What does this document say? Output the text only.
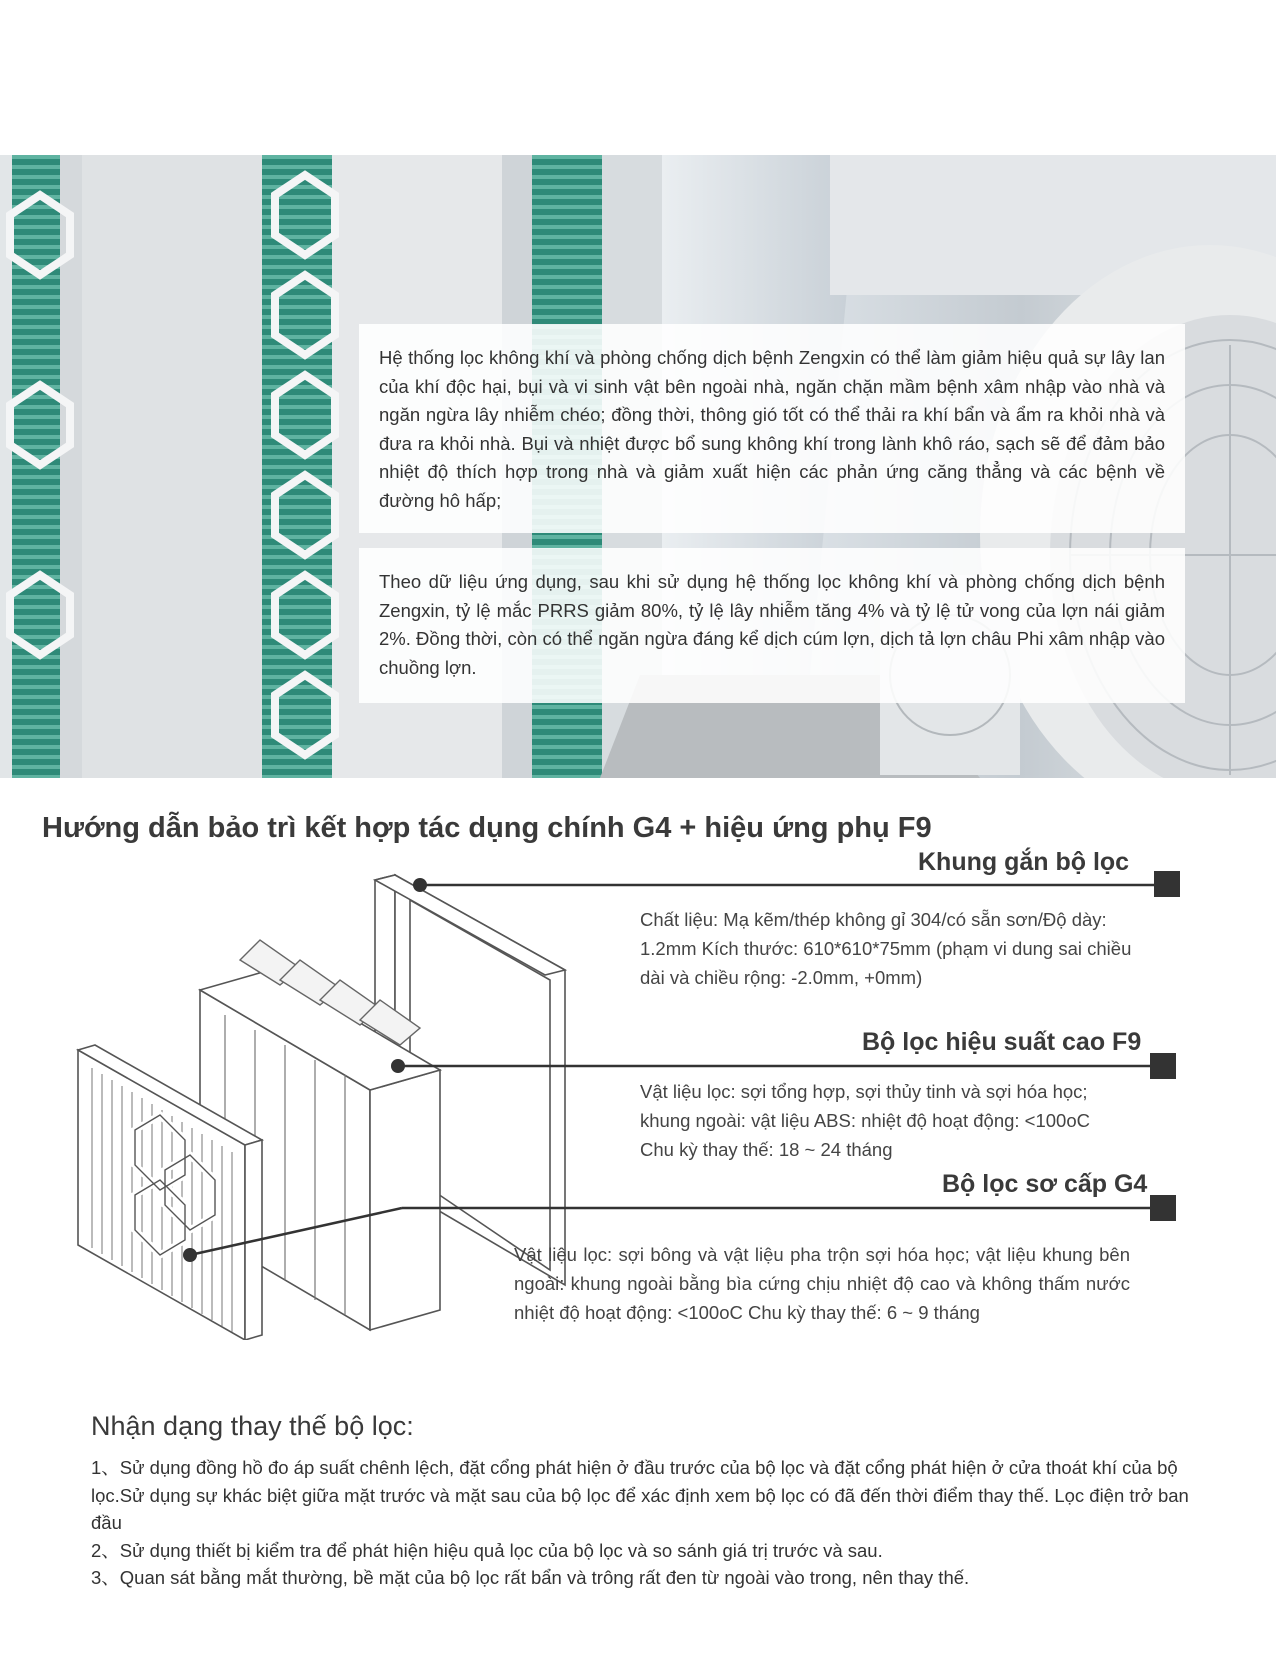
Hệ thống lọc không khí và phòng chống dịch bệnh Zengxin có thể làm giảm hiệu quả sự lây lan của khí độc hại, bụi và vi sinh vật bên ngoài nhà, ngăn chặn mầm bệnh xâm nhập vào nhà và ngăn ngừa lây nhiễm chéo; đồng thời, thông gió tốt có thể thải ra khí bẩn và ẩm ra khỏi nhà và đưa ra khỏi nhà. Bụi và nhiệt được bổ sung không khí trong lành khô ráo, sạch sẽ để đảm bảo nhiệt độ thích hợp trong nhà và giảm xuất hiện các phản ứng căng thẳng và các bệnh về đường hô hấp;
Theo dữ liệu ứng dụng, sau khi sử dụng hệ thống lọc không khí và phòng chống dịch bệnh Zengxin, tỷ lệ mắc PRRS giảm 80%, tỷ lệ lây nhiễm tăng 4% và tỷ lệ tử vong của lợn nái giảm 2%. Đồng thời, còn có thể ngăn ngừa đáng kể dịch cúm lợn, dịch tả lợn châu Phi xâm nhập vào chuồng lợn.
Hướng dẫn bảo trì kết hợp tác dụng chính G4 + hiệu ứng phụ F9
Khung gắn bộ lọc
Chất liệu: Mạ kẽm/thép không gỉ 304/có sẵn sơn/Độ dày: 1.2mm Kích thước: 610*610*75mm (phạm vi dung sai chiều dài và chiều rộng: -2.0mm, +0mm)
Bộ lọc hiệu suất cao F9
Vật liệu lọc: sợi tổng hợp, sợi thủy tinh và sợi hóa học;
khung ngoài: vật liệu ABS: nhiệt độ hoạt động: <100oC
Chu kỳ thay thế: 18 ~ 24 tháng
Bộ lọc sơ cấp G4
Vật liệu lọc: sợi bông và vật liệu pha trộn sợi hóa học; vật liệu khung bên ngoài: khung ngoài bằng bìa cứng chịu nhiệt độ cao và không thấm nước nhiệt độ hoạt động: <100oC Chu kỳ thay thế: 6 ~ 9 tháng
Nhận dạng thay thế bộ lọc:
1、Sử dụng đồng hồ đo áp suất chênh lệch, đặt cổng phát hiện ở đầu trước của bộ lọc và đặt cổng phát hiện ở cửa thoát khí của bộ lọc.Sử dụng sự khác biệt giữa mặt trước và mặt sau của bộ lọc để xác định xem bộ lọc có đã đến thời điểm thay thế. Lọc điện trở ban đầu
2、Sử dụng thiết bị kiểm tra để phát hiện hiệu quả lọc của bộ lọc và so sánh giá trị trước và sau.
3、Quan sát bằng mắt thường, bề mặt của bộ lọc rất bẩn và trông rất đen từ ngoài vào trong, nên thay thế.
